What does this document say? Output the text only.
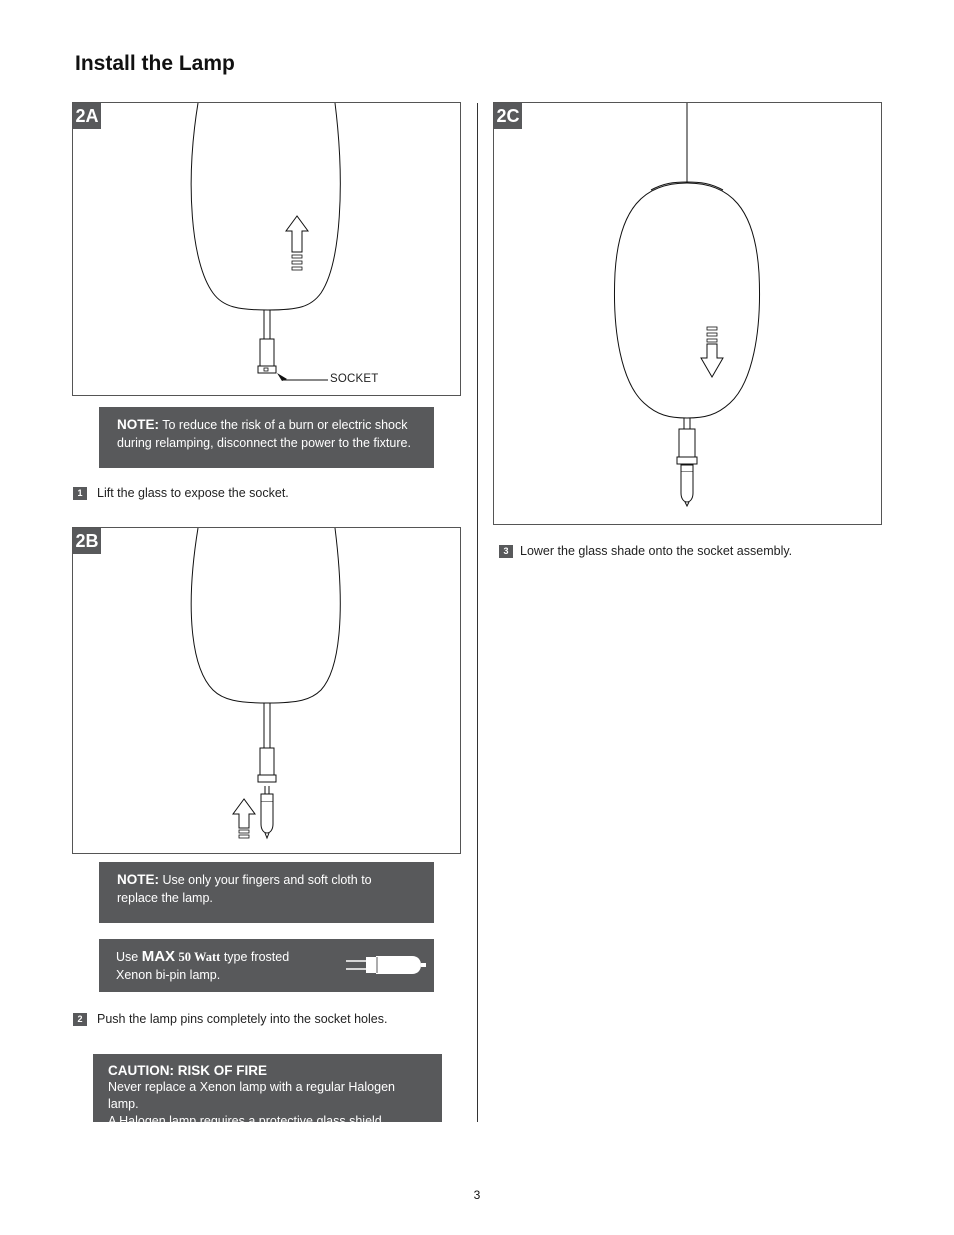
Install the Lamp
2A
SOCKET
NOTE: To reduce the risk of a burn or electric shock during relamping, disconnect the power to the fixture.
1 Lift the glass to expose the socket.
2B
NOTE: Use only your fingers and soft cloth to replace the lamp.
Use MAX 50 Watt type frosted
Xenon bi-pin lamp.
2 Push the lamp pins completely into the socket holes.
CAUTION: RISK OF FIRE
Never replace a Xenon lamp with a regular Halogen lamp.
A Halogen lamp requires a protective glass shield.
2C
3 Lower the glass shade onto the socket assembly.
3
